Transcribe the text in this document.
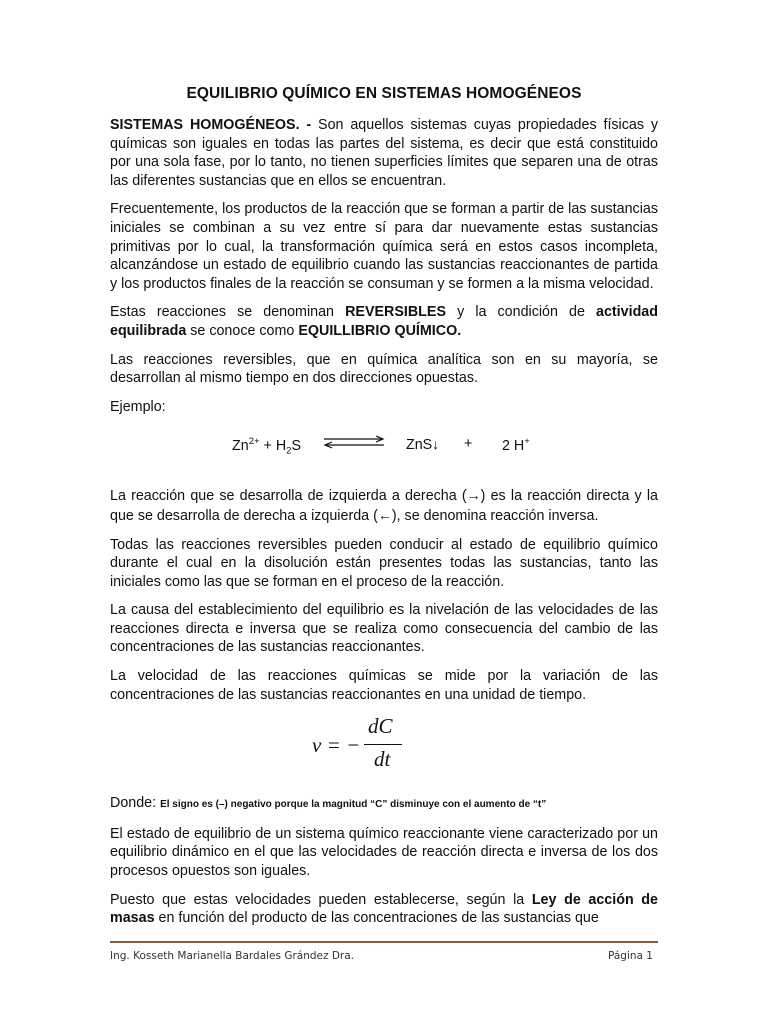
EQUILIBRIO QUÍMICO EN SISTEMAS HOMOGÉNEOS

SISTEMAS HOMOGÉNEOS. - Son aquellos sistemas cuyas propiedades físicas y químicas son iguales en todas las partes del sistema, es decir que está constituido por una sola fase, por lo tanto, no tienen superficies límites que separen una de otras las diferentes sustancias que en ellos se encuentran.

Frecuentemente, los productos de la reacción que se forman a partir de las sustancias iniciales se combinan a su vez entre sí para dar nuevamente estas sustancias primitivas por lo cual, la transformación química será en estos casos incompleta, alcanzándose un estado de equilibrio cuando las sustancias reaccionantes de partida y los productos finales de la reacción se consuman y se formen a la misma velocidad.

Estas reacciones se denominan REVERSIBLES y la condición de actividad equilibrada se conoce como EQUILLIBRIO QUÍMICO.

Las reacciones reversibles, que en química analítica son en su mayoría, se desarrollan al mismo tiempo en dos direcciones opuestas.

Ejemplo:

$Zn^{2+} + H_2S$	ZnS↓ + 2 H+

La reacción que se desarrolla de izquierda a derecha (→) es la reacción directa y la que se desarrolla de derecha a izquierda (←), se denomina reacción inversa.

Todas las reacciones reversibles pueden conducir al estado de equilibrio químico durante el cual en la disolución están presentes todas las sustancias, tanto las iniciales como las que se forman en el proceso de la reacción.

La causa del establecimiento del equilibrio es la nivelación de las velocidades de las reacciones directa e inversa que se realiza como consecuencia del cambio de las concentraciones de las sustancias reaccionantes.

La velocidad de las reacciones químicas se mide por la variación de las concentraciones de las sustancias reaccionantes en una unidad de tiempo.

v = −
dC
dt

Donde: El signo es (–) negativo porque la magnitud “C” disminuye con el aumento de “t”

El estado de equilibrio de un sistema químico reaccionante viene caracterizado por un equilibrio dinámico en el que las velocidades de reacción directa e inversa de los dos procesos opuestos son iguales.

Puesto que estas velocidades pueden establecerse, según la Ley de acción de masas en función del producto de las concentraciones de las sustancias que

Ing. Kosseth Marianella Bardales Grández Dra.	Página 1
